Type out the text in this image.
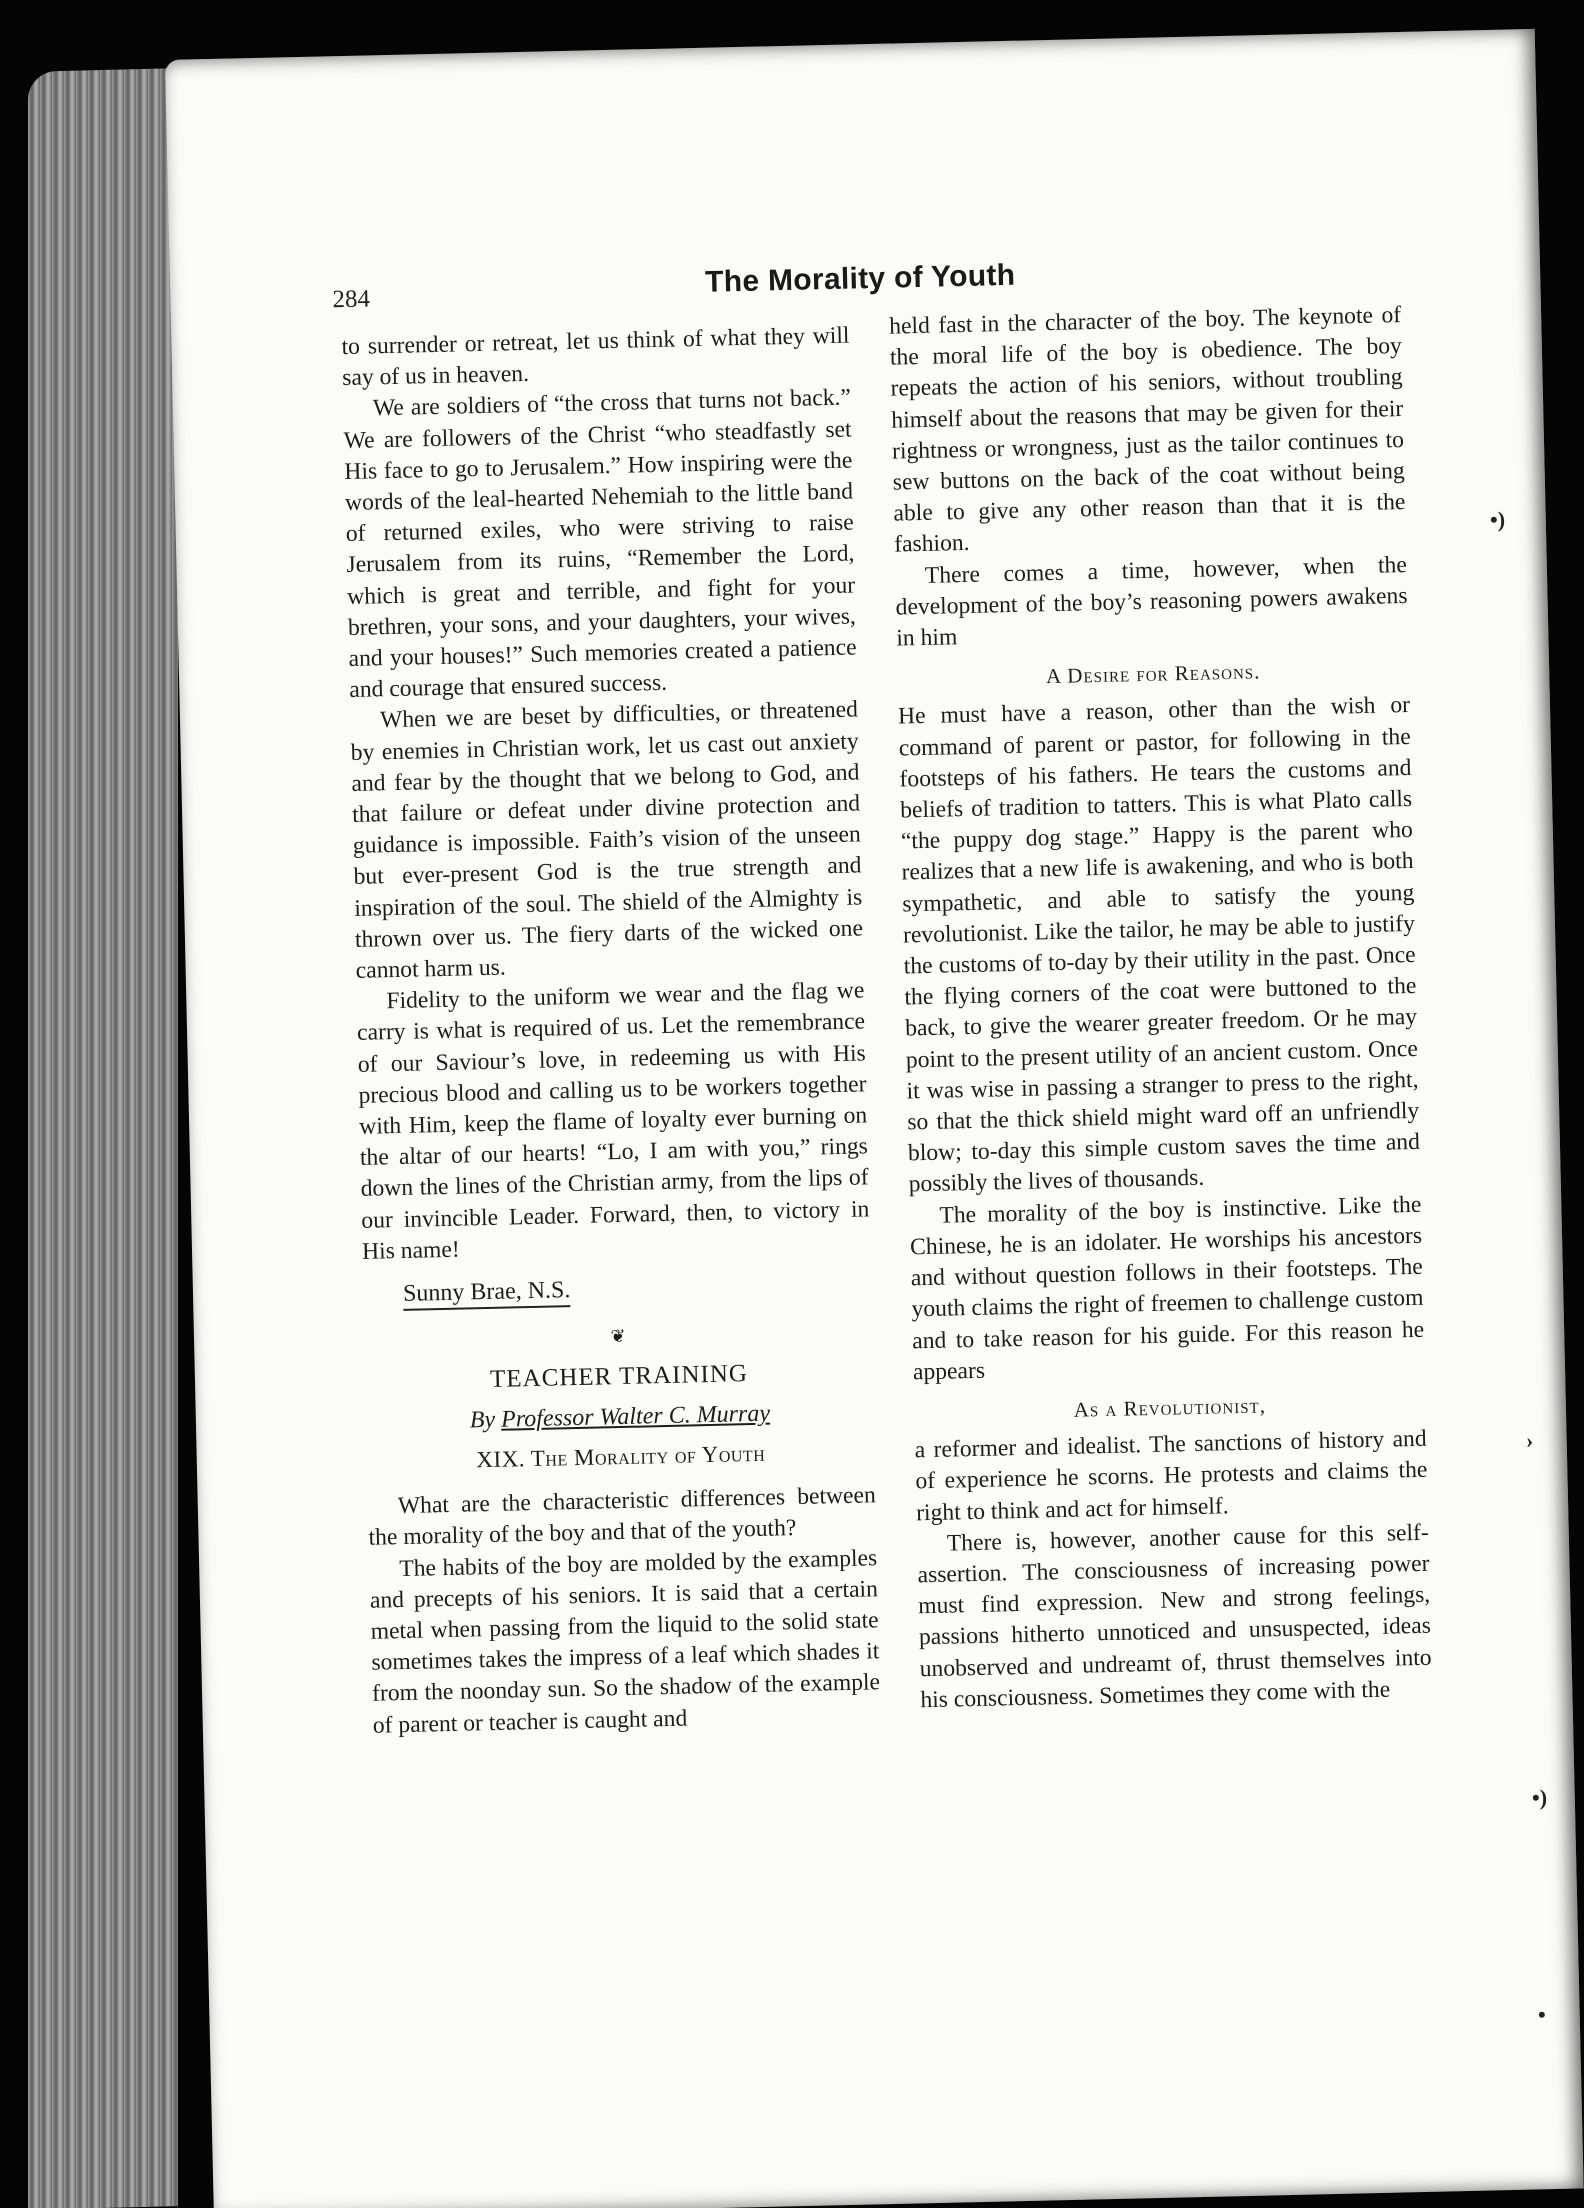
284
The Morality of Youth

to surrender or retreat, let us think of what they will say of us in heaven.

We are soldiers of “the cross that turns not back.” We are followers of the Christ “who steadfastly set His face to go to Jerusalem.” How inspiring were the words of the leal-hearted Nehemiah to the little band of returned exiles, who were striving to raise Jerusalem from its ruins, “Remember the Lord, which is great and terrible, and fight for your brethren, your sons, and your daughters, your wives, and your houses!” Such memories created a patience and courage that ensured success.

When we are beset by difficulties, or threatened by enemies in Christian work, let us cast out anxiety and fear by the thought that we belong to God, and that failure or defeat under divine protection and guidance is impossible. Faith’s vision of the unseen but ever-present God is the true strength and inspiration of the soul. The shield of the Almighty is thrown over us. The fiery darts of the wicked one cannot harm us.

Fidelity to the uniform we wear and the flag we carry is what is required of us. Let the remembrance of our Saviour’s love, in redeeming us with His precious blood and calling us to be workers together with Him, keep the flame of loyalty ever burning on the altar of our hearts! “Lo, I am with you,” rings down the lines of the Christian army, from the lips of our invincible Leader. Forward, then, to victory in His name!

Sunny Brae, N.S.
❦
TEACHER TRAINING
By Professor Walter C. Murray
XIX. The Morality of Youth

What are the characteristic differences between the morality of the boy and that of the youth?

The habits of the boy are molded by the examples and precepts of his seniors. It is said that a certain metal when passing from the liquid to the solid state sometimes takes the impress of a leaf which shades it from the noonday sun. So the shadow of the example of parent or teacher is caught and

held fast in the character of the boy. The keynote of the moral life of the boy is obedience. The boy repeats the action of his seniors, without troubling himself about the reasons that may be given for their rightness or wrongness, just as the tailor continues to sew buttons on the back of the coat without being able to give any other reason than that it is the fashion.

There comes a time, however, when the development of the boy’s reasoning powers awakens in him

A Desire for Reasons.

He must have a reason, other than the wish or command of parent or pastor, for following in the footsteps of his fathers. He tears the customs and beliefs of tradition to tatters. This is what Plato calls “the puppy dog stage.” Happy is the parent who realizes that a new life is awakening, and who is both sympathetic, and able to satisfy the young revolutionist. Like the tailor, he may be able to justify the customs of to-day by their utility in the past. Once the flying corners of the coat were buttoned to the back, to give the wearer greater freedom. Or he may point to the present utility of an ancient custom. Once it was wise in passing a stranger to press to the right, so that the thick shield might ward off an unfriendly blow; to-day this simple custom saves the time and possibly the lives of thousands.

The morality of the boy is instinctive. Like the Chinese, he is an idolater. He worships his ancestors and without question follows in their footsteps. The youth claims the right of freemen to challenge custom and to take reason for his guide. For this reason he appears

As a Revolutionist,

a reformer and idealist. The sanctions of history and of experience he scorns. He protests and claims the right to think and act for himself.

There is, however, another cause for this self-assertion. The consciousness of increasing power must find expression. New and strong feelings, passions hitherto unnoticed and unsuspected, ideas unobserved and undreamt of, thrust themselves into his consciousness. Sometimes they come with the

•)
›
•)
•
